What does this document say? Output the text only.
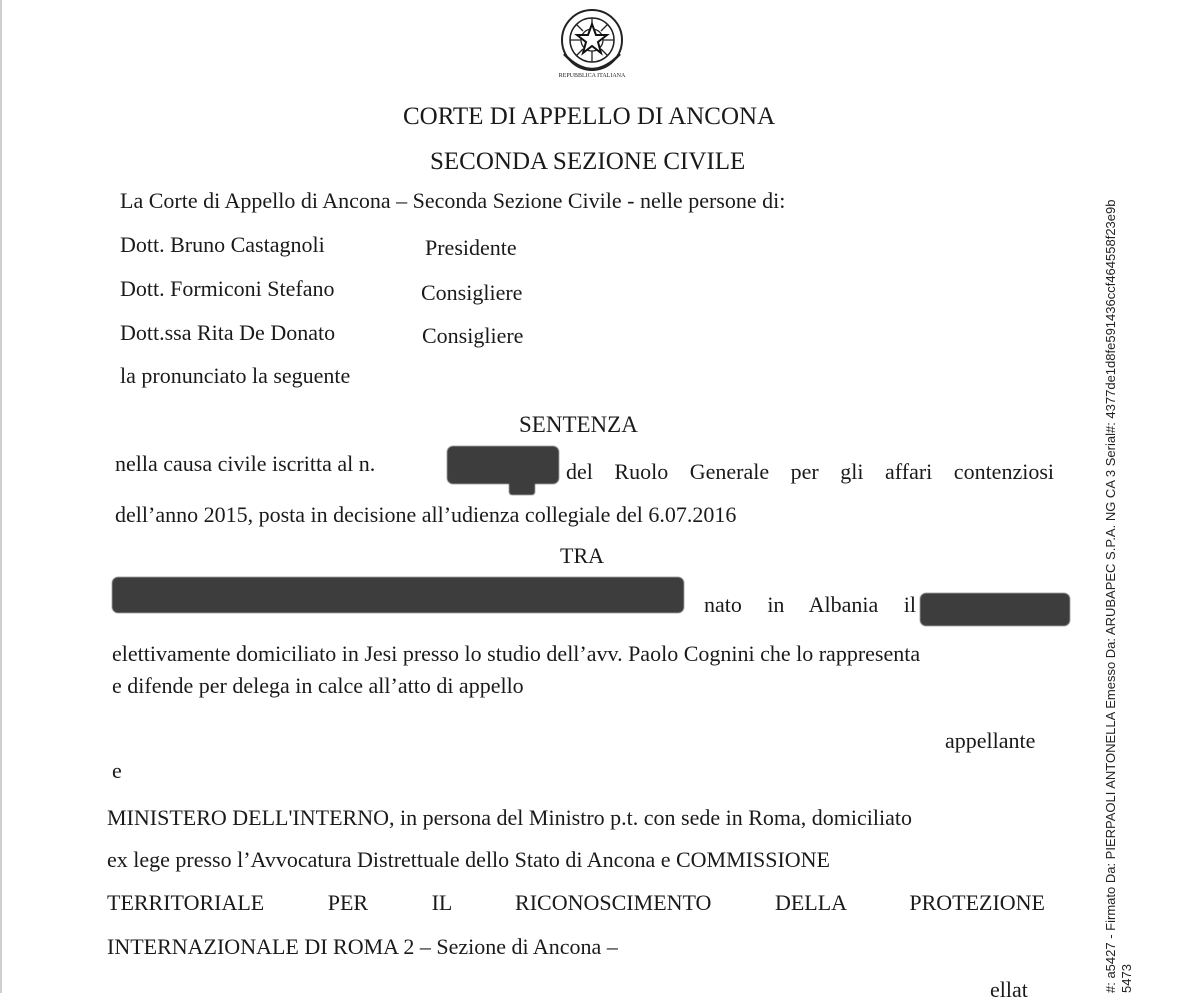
REPUBBLICA ITALIANA
CORTE DI APPELLO DI ANCONA
SECONDA SEZIONE CIVILE
La Corte di Appello di Ancona – Seconda Sezione Civile - nelle persone di:
Dott. Bruno Castagnoli	Presidente
Dott. Formiconi Stefano	Consigliere
Dott.ssa Rita De Donato	Consigliere
la pronunciato la seguente
SENTENZA
nella causa civile iscritta al n.	del Ruolo Generale per gli affari contenziosi
dell’anno 2015, posta in decisione all’udienza collegiale del 6.07.2016
TRA
nato in Albania il
elettivamente domiciliato in Jesi presso lo studio dell’avv. Paolo Cognini che lo rappresenta
e difende per delega in calce all’atto di appello
appellante
e
MINISTERO DELL'INTERNO, in persona del Ministro p.t. con sede in Roma, domiciliato
ex lege presso l’Avvocatura Distrettuale dello Stato di Ancona e COMMISSIONE
TERRITORIALE PER IL RICONOSCIMENTO DELLA PROTEZIONE
INTERNAZIONALE DI ROMA 2 – Sezione di Ancona –
ellat	#: a5427 - Firmato Da: PIERPAOLI ANTONELLA Emesso Da: ARUBAPEC S.P.A. NG CA 3 Serial#: 4377de1d8fe591436ccf464558f23e9b
5473
